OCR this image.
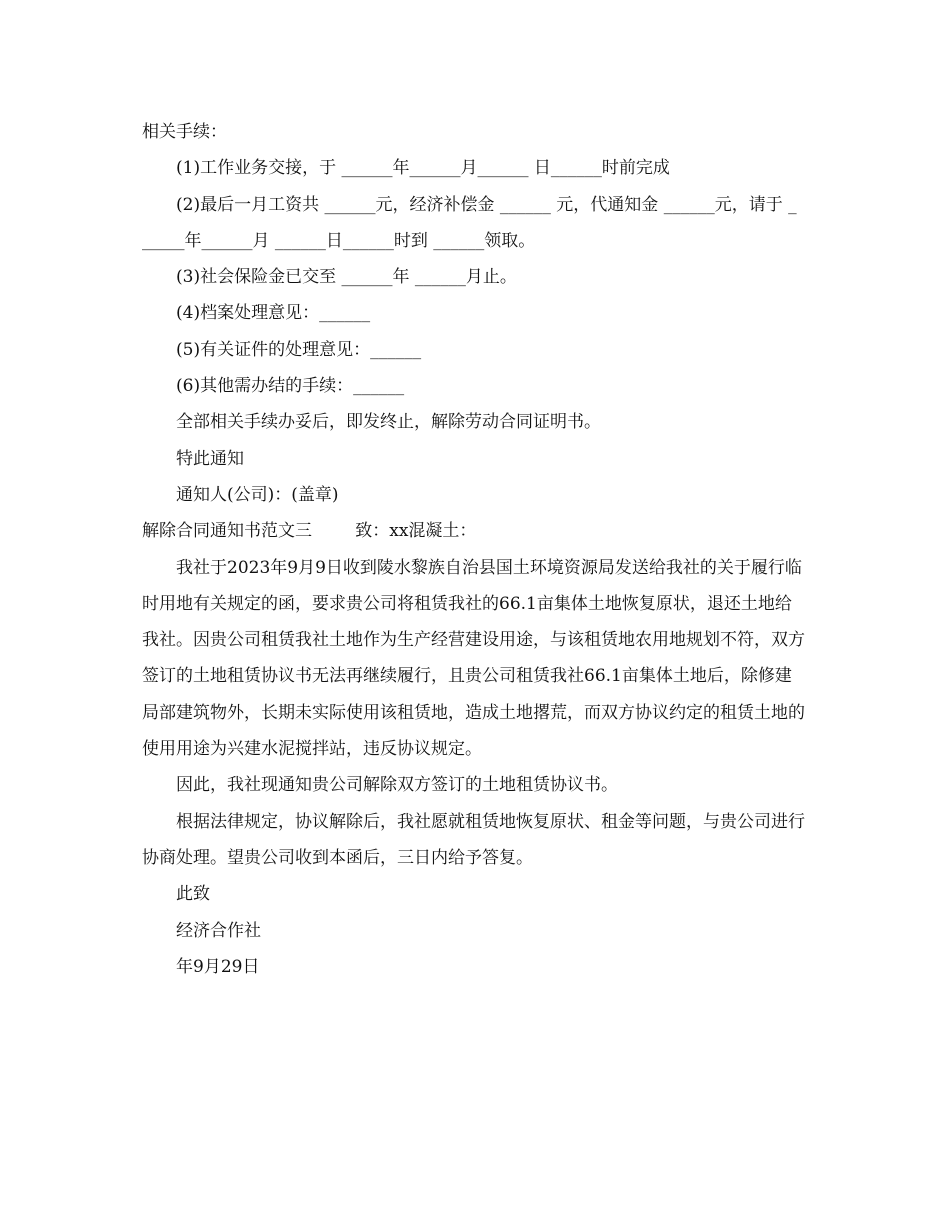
相关手续：

(1)工作业务交接，于 ______年______月______ 日______时前完成

(2)最后一月工资共 ______元，经济补偿金 ______ 元，代通知金 ______元，请于 ______年______月 ______日______时到 ______领取。

(3)社会保险金已交至 ______年 ______月止。

(4)档案处理意见：______

(5)有关证件的处理意见：______

(6)其他需办结的手续：______

全部相关手续办妥后，即发终止，解除劳动合同证明书。

特此通知

通知人(公司)：(盖章)

解除合同通知书范文三        致：xx混凝土：

我社于2023年9月9日收到陵水黎族自治县国土环境资源局发送给我社的关于履行临时用地有关规定的函，要求贵公司将租赁我社的66.1亩集体土地恢复原状，退还土地给我社。因贵公司租赁我社土地作为生产经营建设用途，与该租赁地农用地规划不符，双方签订的土地租赁协议书无法再继续履行，且贵公司租赁我社66.1亩集体土地后，除修建局部建筑物外，长期未实际使用该租赁地，造成土地撂荒，而双方协议约定的租赁土地的使用用途为兴建水泥搅拌站，违反协议规定。

因此，我社现通知贵公司解除双方签订的土地租赁协议书。

根据法律规定，协议解除后，我社愿就租赁地恢复原状、租金等问题，与贵公司进行协商处理。望贵公司收到本函后，三日内给予答复。

此致

经济合作社

年9月29日
